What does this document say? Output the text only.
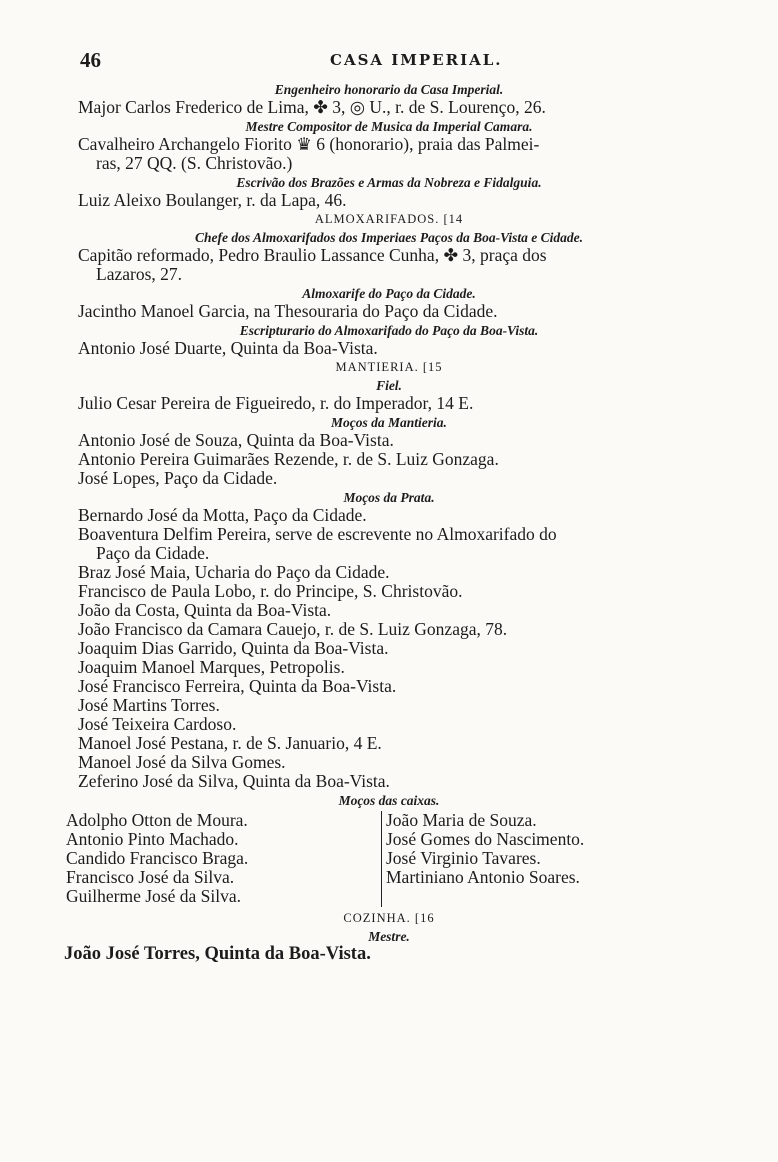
46	CASA IMPERIAL.
Engenheiro honorario da Casa Imperial.
Major Carlos Frederico de Lima, ✤ 3, ◎ U., r. de S. Lourenço, 26.
Mestre Compositor de Musica da Imperial Camara.
Cavalheiro Archangelo Fiorito ♛ 6 (honorario), praia das Palmei-
ras, 27 QQ. (S. Christovão.)
Escrivão dos Brazões e Armas da Nobreza e Fidalguia.
Luiz Aleixo Boulanger, r. da Lapa, 46.
ALMOXARIFADOS. [14
Chefe dos Almoxarifados dos Imperiaes Paços da Boa-Vista e Cidade.
Capitão reformado, Pedro Braulio Lassance Cunha, ✤ 3, praça dos
Lazaros, 27.
Almoxarife do Paço da Cidade.
Jacintho Manoel Garcia, na Thesouraria do Paço da Cidade.
Escripturario do Almoxarifado do Paço da Boa-Vista.
Antonio José Duarte, Quinta da Boa-Vista.
MANTIERIA. [15
Fiel.
Julio Cesar Pereira de Figueiredo, r. do Imperador, 14 E.
Moços da Mantieria.
Antonio José de Souza, Quinta da Boa-Vista.
Antonio Pereira Guimarães Rezende, r. de S. Luiz Gonzaga.
José Lopes, Paço da Cidade.
Moços da Prata.
Bernardo José da Motta, Paço da Cidade.
Boaventura Delfim Pereira, serve de escrevente no Almoxarifado do
Paço da Cidade.
Braz José Maia, Ucharia do Paço da Cidade.
Francisco de Paula Lobo, r. do Principe, S. Christovão.
João da Costa, Quinta da Boa-Vista.
João Francisco da Camara Cauejo, r. de S. Luiz Gonzaga, 78.
Joaquim Dias Garrido, Quinta da Boa-Vista.
Joaquim Manoel Marques, Petropolis.
José Francisco Ferreira, Quinta da Boa-Vista.
José Martins Torres.
José Teixeira Cardoso.
Manoel José Pestana, r. de S. Januario, 4 E.
Manoel José da Silva Gomes.
Zeferino José da Silva, Quinta da Boa-Vista.
Moços das caixas.
Adolpho Otton de Moura.
Antonio Pinto Machado.
Candido Francisco Braga.
Francisco José da Silva.
Guilherme José da Silva.
João Maria de Souza.
José Gomes do Nascimento.
José Virginio Tavares.
Martiniano Antonio Soares.
COZINHA. [16
Mestre.
João José Torres, Quinta da Boa-Vista.
